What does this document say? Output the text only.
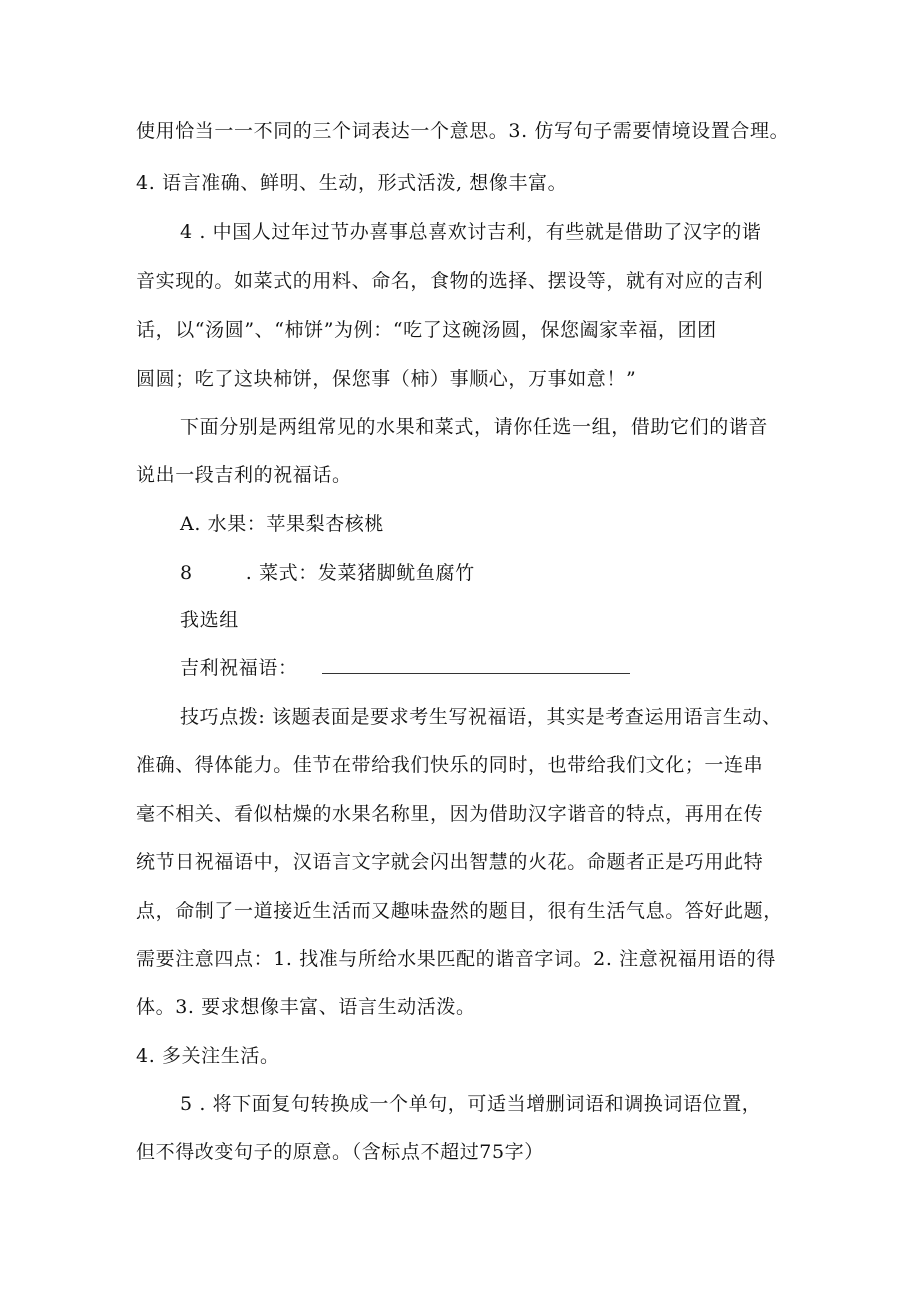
使用恰当一一不同的三个词表达一个意思。3. 仿写句子需要情境设置合理。
4. 语言准确、鲜明、生动，形式活泼, 想像丰富。
4 . 中国人过年过节办喜事总喜欢讨吉利，有些就是借助了汉字的谐
音实现的。如菜式的用料、命名，食物的选择、摆设等，就有对应的吉利
话，以“汤圆”、“柿饼”为例：“吃了这碗汤圆，保您阖家幸福，团团
圆圆；吃了这块柿饼，保您事（柿）事顺心，万事如意！”
下面分别是两组常见的水果和菜式，请你任选一组，借助它们的谐音
说出一段吉利的祝福话。
A. 水果：苹果梨杏核桃
8        . 菜式：发菜猪脚鱿鱼腐竹
我选组
吉利祝福语：
技巧点拨: 该题表面是要求考生写祝福语，其实是考查运用语言生动、
准确、得体能力。佳节在带给我们快乐的同时，也带给我们文化；一连串
毫不相关、看似枯燥的水果名称里，因为借助汉字谐音的特点，再用在传
统节日祝福语中，汉语言文字就会闪出智慧的火花。命题者正是巧用此特
点，命制了一道接近生活而又趣味盎然的题目，很有生活气息。答好此题，
需要注意四点：1. 找准与所给水果匹配的谐音字词。2. 注意祝福用语的得
体。3. 要求想像丰富、语言生动活泼。
4. 多关注生活。
5 . 将下面复句转换成一个单句，可适当增删词语和调换词语位置，
但不得改变句子的原意。（含标点不超过75字）
